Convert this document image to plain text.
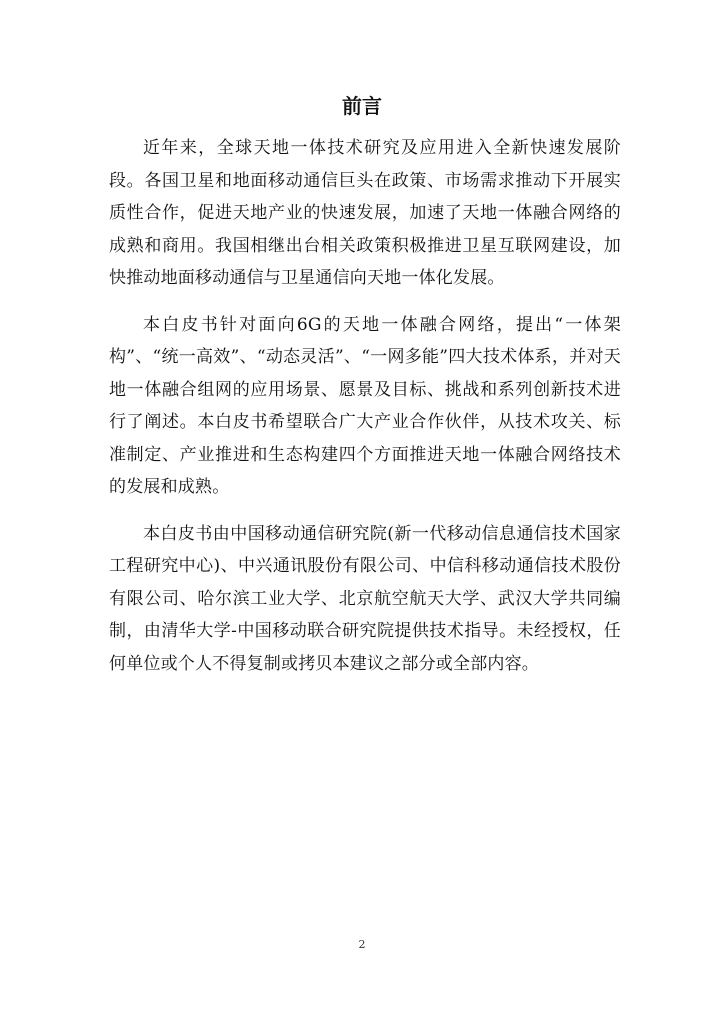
前言

近年来，全球天地一体技术研究及应用进入全新快速发展阶段。各国卫星和地面移动通信巨头在政策、市场需求推动下开展实质性合作，促进天地产业的快速发展，加速了天地一体融合网络的成熟和商用。我国相继出台相关政策积极推进卫星互联网建设，加快推动地面移动通信与卫星通信向天地一体化发展。

本白皮书针对面向6G的天地一体融合网络，提出“一体架构”、“统一高效”、“动态灵活”、“一网多能”四大技术体系，并对天地一体融合组网的应用场景、愿景及目标、挑战和系列创新技术进行了阐述。本白皮书希望联合广大产业合作伙伴，从技术攻关、标准制定、产业推进和生态构建四个方面推进天地一体融合网络技术的发展和成熟。

本白皮书由中国移动通信研究院(新一代移动信息通信技术国家工程研究中心)、中兴通讯股份有限公司、中信科移动通信技术股份有限公司、哈尔滨工业大学、北京航空航天大学、武汉大学共同编制，由清华大学-中国移动联合研究院提供技术指导。未经授权，任何单位或个人不得复制或拷贝本建议之部分或全部内容。

2
